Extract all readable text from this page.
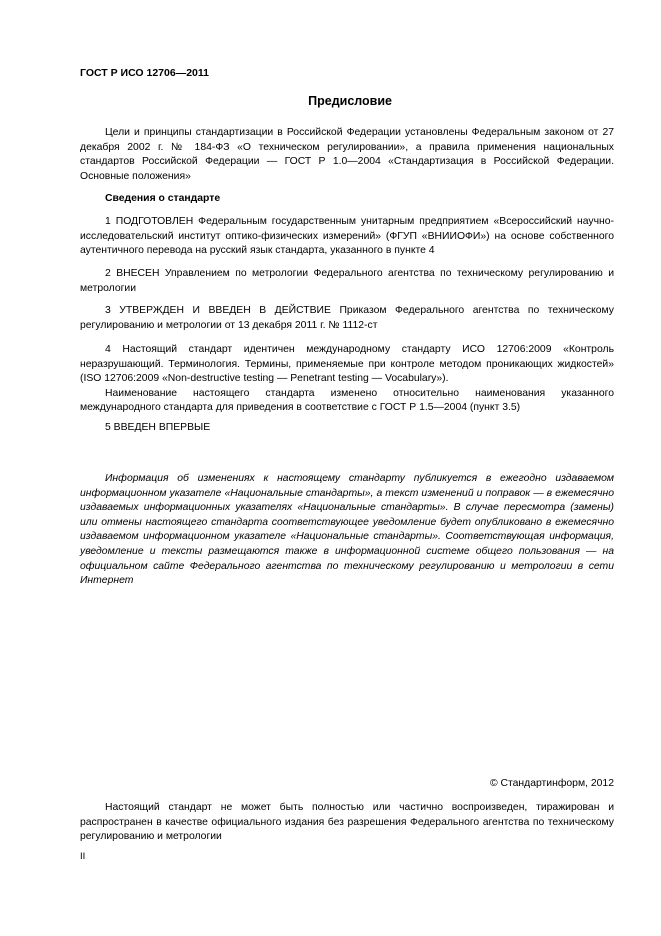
ГОСТ Р ИСО 12706—2011
Предисловие

Цели и принципы стандартизации в Российской Федерации установлены Федеральным законом от 27 декабря 2002 г. № 184-ФЗ «О техническом регулировании», а правила применения национальных стандартов Российской Федерации — ГОСТ Р 1.0—2004 «Стандартизация в Российской Федерации. Основные положения»

Сведения о стандарте

1 ПОДГОТОВЛЕН Федеральным государственным унитарным предприятием «Всероссийский научно-исследовательский институт оптико-физических измерений» (ФГУП «ВНИИОФИ») на основе собственного аутентичного перевода на русский язык стандарта, указанного в пункте 4

2 ВНЕСЕН Управлением по метрологии Федерального агентства по техническому регулированию и метрологии

3 УТВЕРЖДЕН И ВВЕДЕН В ДЕЙСТВИЕ Приказом Федерального агентства по техническому регулированию и метрологии от 13 декабря 2011 г. № 1112-ст

4 Настоящий стандарт идентичен международному стандарту ИСО 12706:2009 «Контроль неразрушающий. Терминология. Термины, применяемые при контроле методом проникающих жидкостей» (ISO 12706:2009 «Non-destructive testing — Penetrant testing — Vocabulary»).

Наименование настоящего стандарта изменено относительно наименования указанного международного стандарта для приведения в соответствие с ГОСТ Р 1.5—2004 (пункт 3.5)

5 ВВЕДЕН ВПЕРВЫЕ

Информация об изменениях к настоящему стандарту публикуется в ежегодно издаваемом информационном указателе «Национальные стандарты», а текст изменений и поправок — в ежемесячно издаваемых информационных указателях «Национальные стандарты». В случае пересмотра (замены) или отмены настоящего стандарта соответствующее уведомление будет опубликовано в ежемесячно издаваемом информационном указателе «Национальные стандарты». Соответствующая информация, уведомление и тексты размещаются также в информационной системе общего пользования — на официальном сайте Федерального агентства по техническому регулированию и метрологии в сети Интернет

© Стандартинформ, 2012

Настоящий стандарт не может быть полностью или частично воспроизведен, тиражирован и распространен в качестве официального издания без разрешения Федерального агентства по техническому регулированию и метрологии

II
